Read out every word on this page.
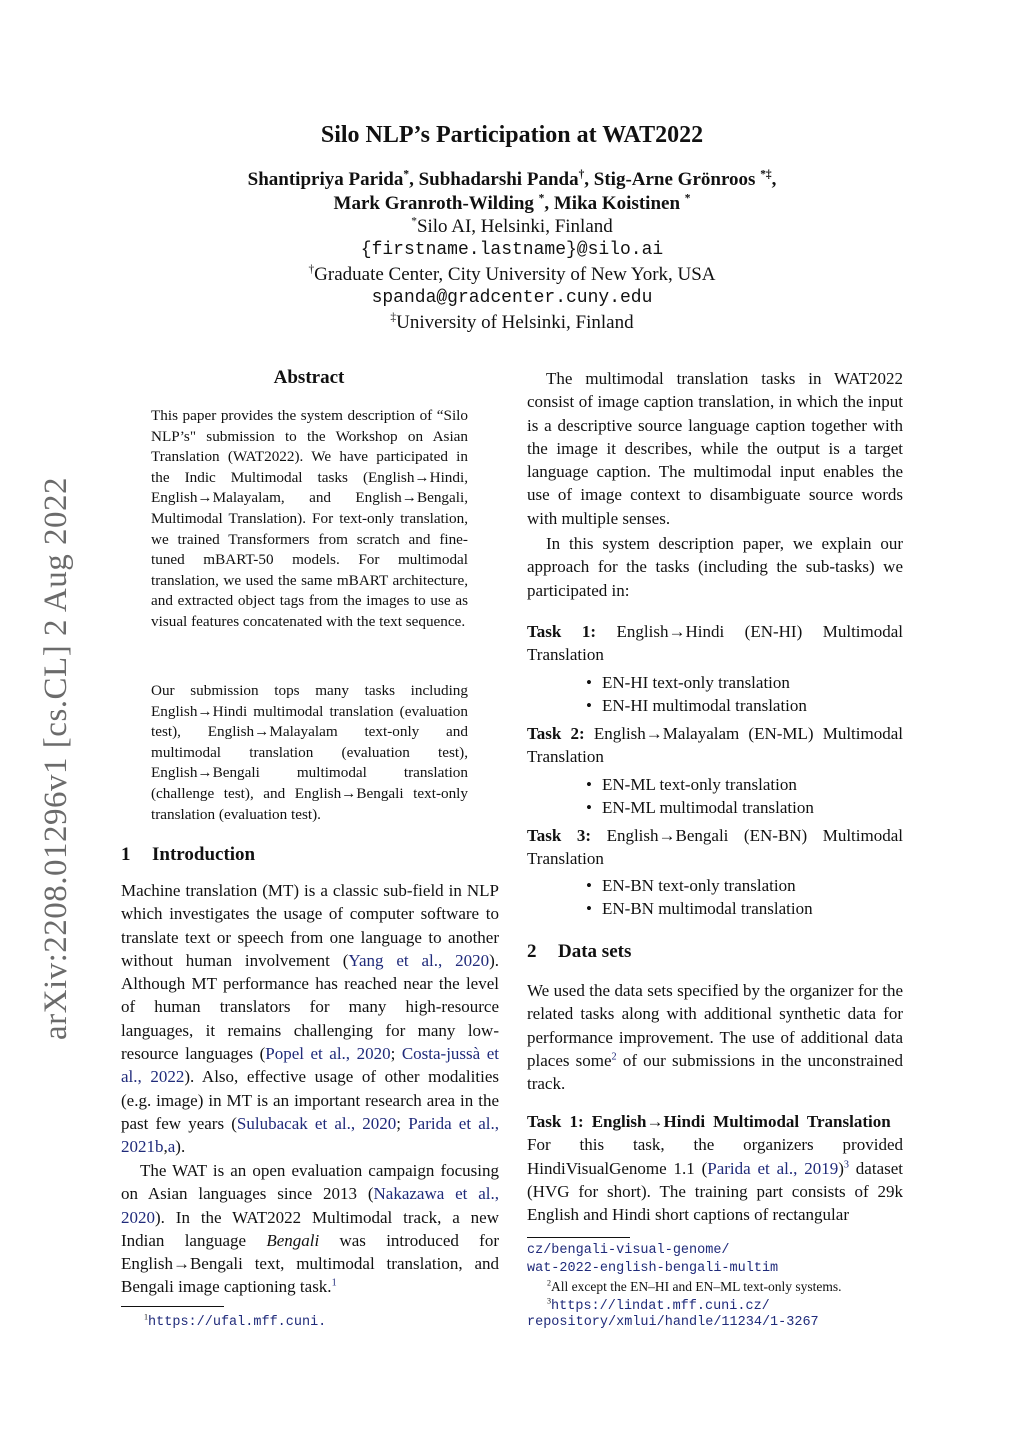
arXiv:2208.01296v1 [cs.CL] 2 Aug 2022
Silo NLP’s Participation at WAT2022
Shantipriya Parida*, Subhadarshi Panda†, Stig-Arne Grönroos *‡,
Mark Granroth-Wilding *, Mika Koistinen *
*Silo AI, Helsinki, Finland
{firstname.lastname}@silo.ai
†Graduate Center, City University of New York, USA
spanda@gradcenter.cuny.edu
‡University of Helsinki, Finland
Abstract
This paper provides the system description of “Silo NLP’s" submission to the Workshop on Asian Translation (WAT2022). We have participated in the Indic Multimodal tasks (English→Hindi, English→Malayalam, and English→Bengali, Multimodal Translation). For text-only translation, we trained Transformers from scratch and fine-tuned mBART-50 models. For multimodal translation, we used the same mBART architecture, and extracted object tags from the images to use as visual features concatenated with the text sequence.
Our submission tops many tasks including English→Hindi multimodal translation (evaluation test), English→Malayalam text-only and multimodal translation (evaluation test), English→Bengali multimodal translation (challenge test), and English→Bengali text-only translation (evaluation test).
1 Introduction
Machine translation (MT) is a classic sub-field in NLP which investigates the usage of computer software to translate text or speech from one language to another without human involvement (Yang et al., 2020). Although MT performance has reached near the level of human translators for many high-resource languages, it remains challenging for many low-resource languages (Popel et al., 2020; Costa-jussà et al., 2022). Also, effective usage of other modalities (e.g. image) in MT is an important research area in the past few years (Sulubacak et al., 2020; Parida et al., 2021b,a).
The WAT is an open evaluation campaign focusing on Asian languages since 2013 (Nakazawa et al., 2020). In the WAT2022 Multimodal track, a new Indian language Bengali was introduced for English→Bengali text, multimodal translation, and Bengali image captioning task.$^1$
$^1$https://ufal.mff.cuni.
The multimodal translation tasks in WAT2022 consist of image caption translation, in which the input is a descriptive source language caption together with the image it describes, while the output is a target language caption. The multimodal input enables the use of image context to disambiguate source words with multiple senses.
In this system description paper, we explain our approach for the tasks (including the sub-tasks) we participated in:
Task 1: English→Hindi (EN-HI) Multimodal Translation
• EN-HI text-only translation
• EN-HI multimodal translation
Task 2: English→Malayalam (EN-ML) Multimodal Translation
• EN-ML text-only translation
• EN-ML multimodal translation
Task 3: English→Bengali (EN-BN) Multimodal Translation
• EN-BN text-only translation
• EN-BN multimodal translation
2 Data sets
We used the data sets specified by the organizer for the related tasks along with additional synthetic data for performance improvement. The use of additional data places some$^2$ of our submissions in the unconstrained track.
Task 1: English→Hindi Multimodal Translation   For this task, the organizers provided HindiVisualGenome 1.1 (Parida et al., 2019)$^3$ dataset (HVG for short). The training part consists of 29k English and Hindi short captions of rectangular
cz/bengali-visual-genome/
wat-2022-english-bengali-multim
$^2$All except the EN–HI and EN–ML text-only systems.
$^3$https://lindat.mff.cuni.cz/
repository/xmlui/handle/11234/1-3267
